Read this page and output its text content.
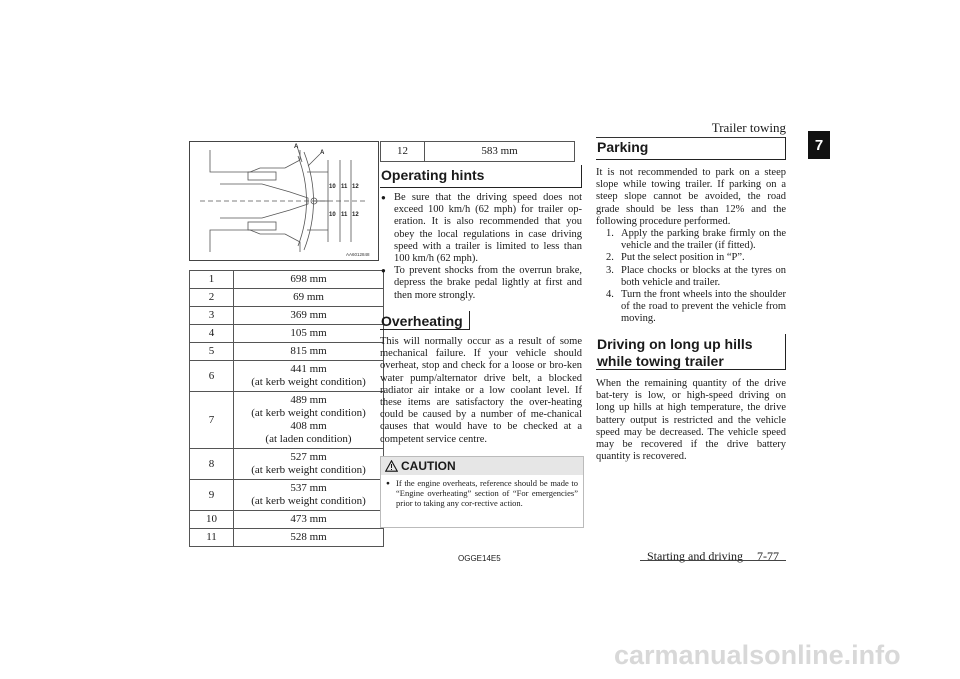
Trailer towing
7
A
A
10 11 12
10 11 12
AA6012848
1	698 mm

2	69 mm

3	369 mm

4	105 mm

5	815 mm

6	441 mm
(at kerb weight condition)

7	489 mm
(at kerb weight condition)
408 mm
(at laden condition)

8	527 mm
(at kerb weight condition)

9	537 mm
(at kerb weight condition)

10	473 mm

11	528 mm
12	583 mm
Operating hints
● Be sure that the driving speed does not exceed 100 km/h (62 mph) for trailer op-eration. It is also recommended that you obey the local regulations in case driving speed with a trailer is limited to less than 100 km/h (62 mph).
● To prevent shocks from the overrun brake, depress the brake pedal lightly at first and then more strongly.
Overheating
This will normally occur as a result of some mechanical failure. If your vehicle should overheat, stop and check for a loose or bro-ken water pump/alternator drive belt, a blocked radiator air intake or a low coolant level. If these items are satisfactory the over-heating could be caused by a number of me-chanical causes that would have to be checked at a competent service centre.
CAUTION
● If the engine overheats, reference should be made to “Engine overheating” section of “For emergencies” prior to taking any cor-rective action.
Parking
It is not recommended to park on a steep slope while towing trailer. If parking on a steep slope cannot be avoided, the road grade should be less than 12% and the following procedure performed.
1. Apply the parking brake firmly on the vehicle and the trailer (if fitted).
2. Put the select position in “P”.
3. Place chocks or blocks at the tyres on both vehicle and trailer.
4. Turn the front wheels into the shoulder of the road to prevent the vehicle from moving.
Driving on long up hills while towing trailer
When the remaining quantity of the drive bat-tery is low, or high-speed driving on long up hills at high temperature, the drive battery output is restricted and the vehicle speed may be decreased. The vehicle speed may be recovered if the drive battery quantity is recovered.
OGGE14E5	Starting and driving 7-77
carmanualsonline.info
